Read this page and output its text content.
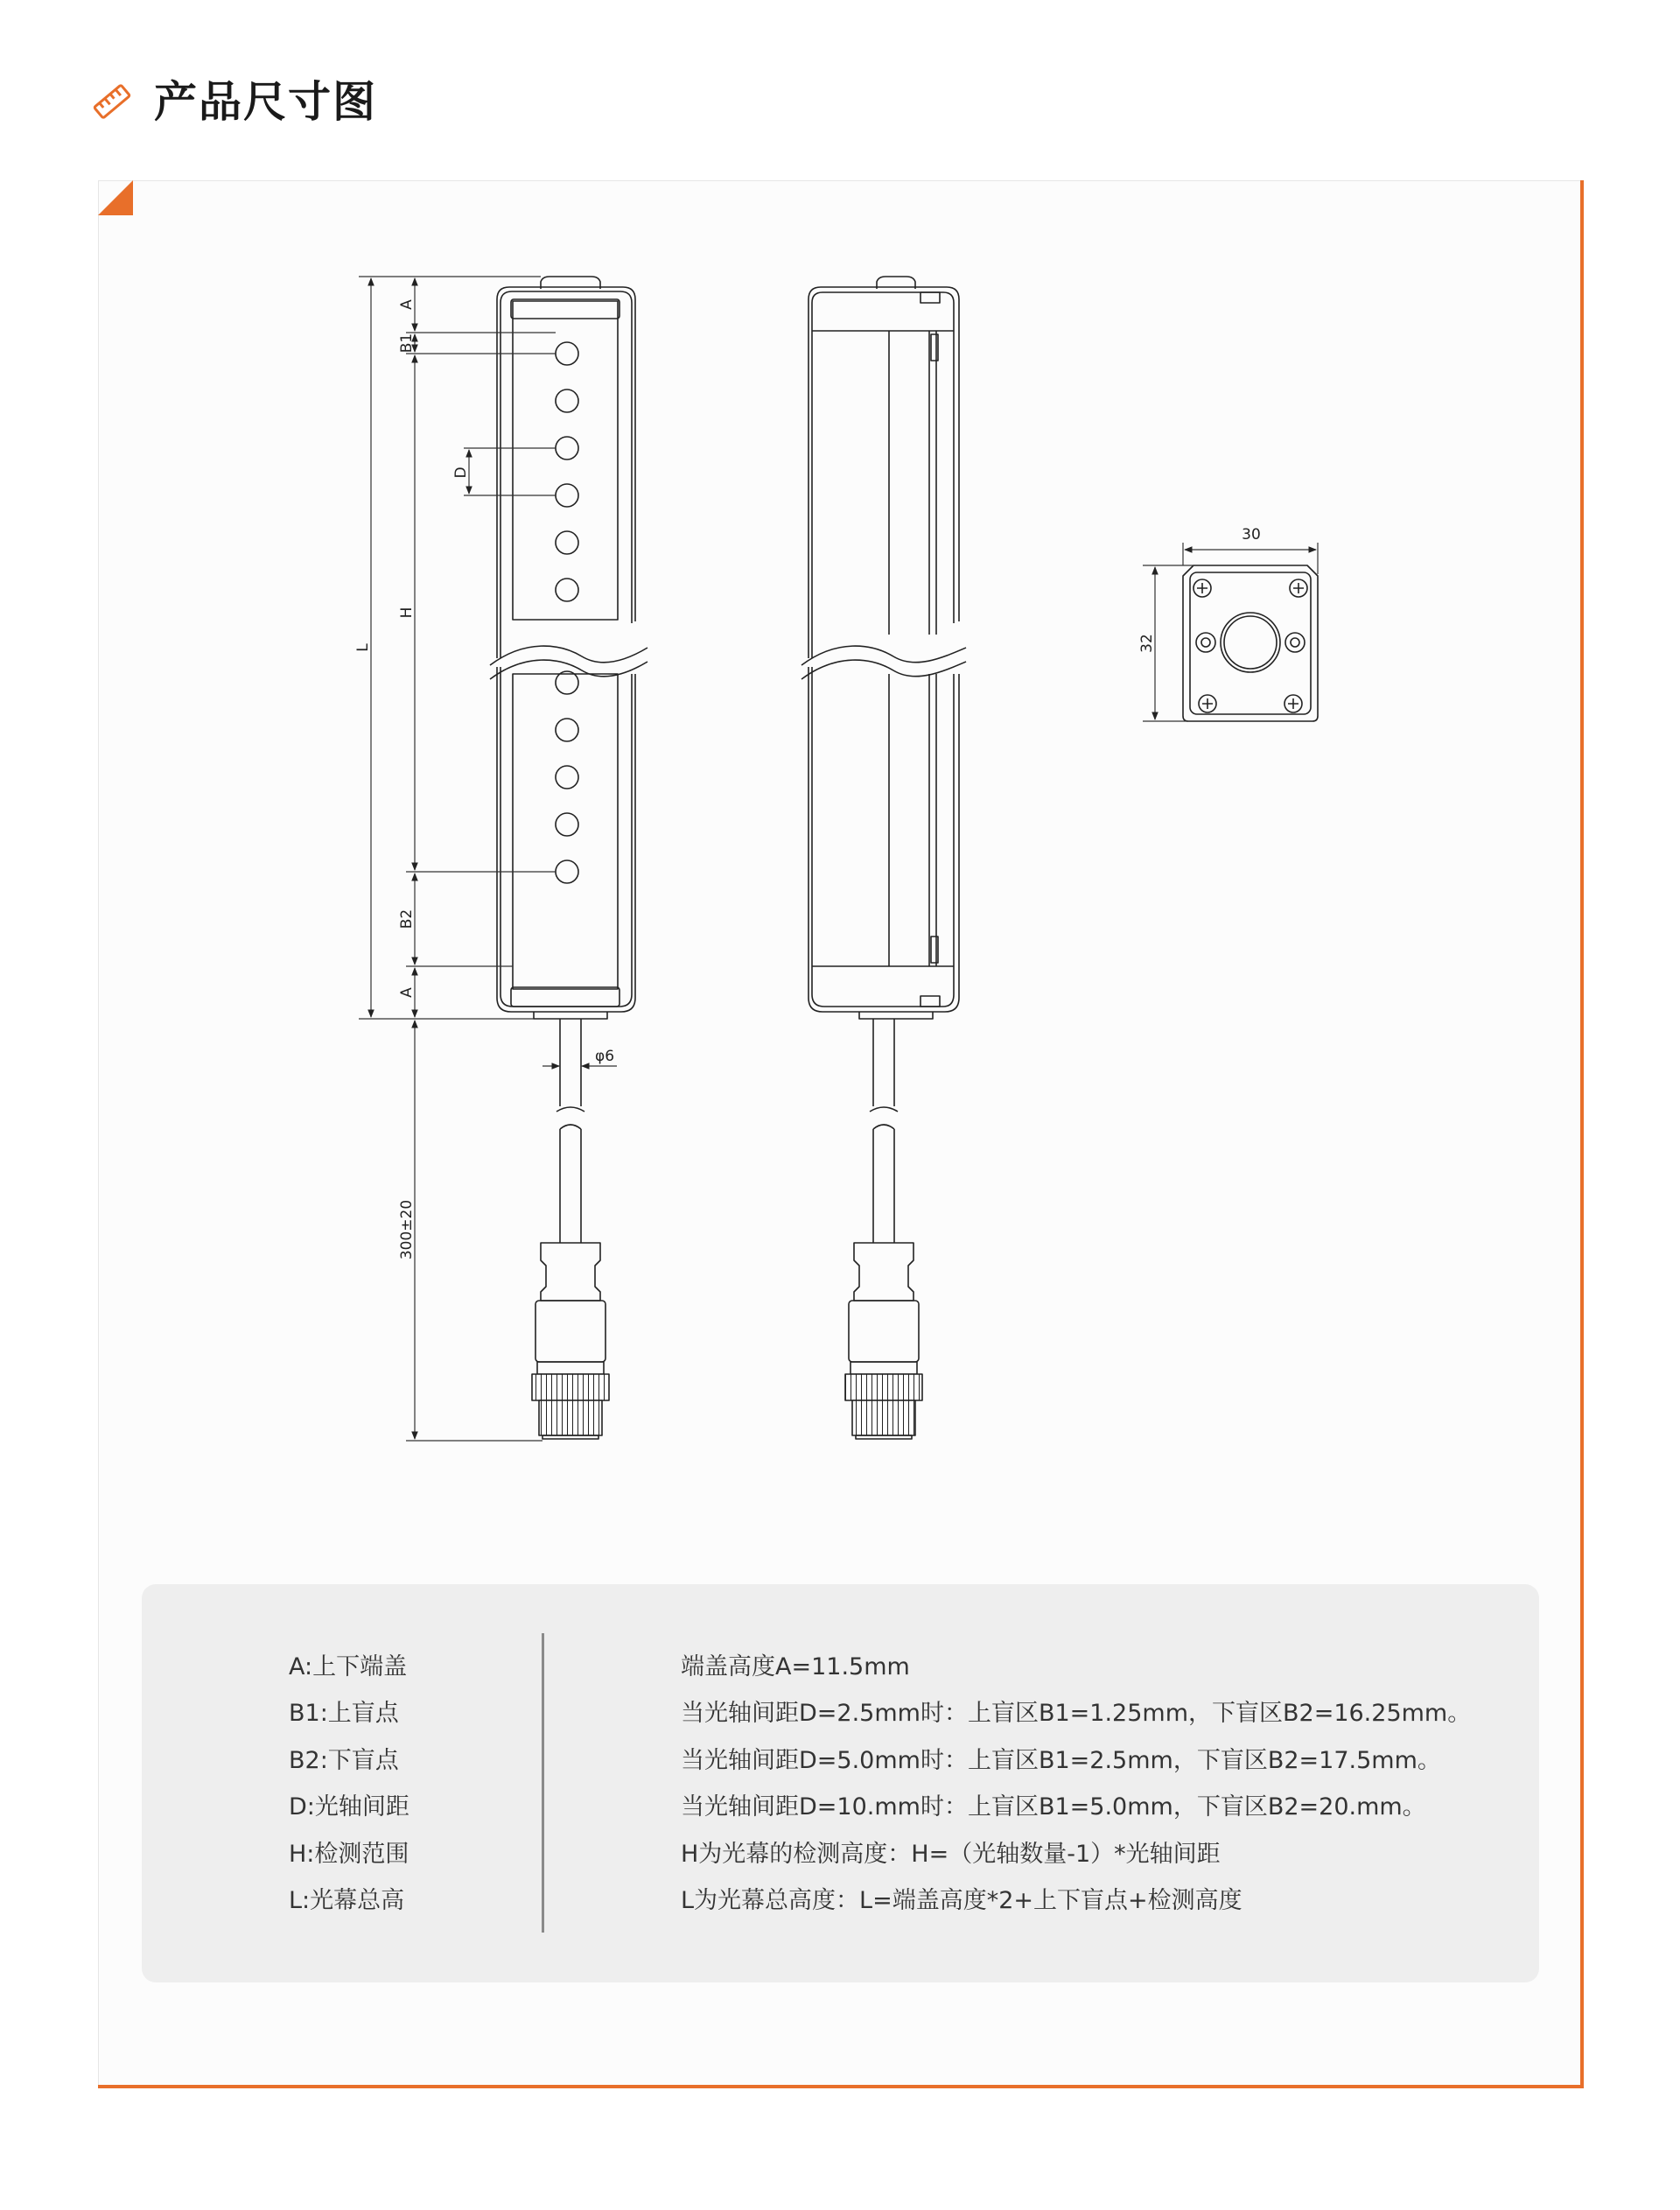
产品尺寸图
A
B1
D
H
L
B2
A
300±20
φ6
30
32
A:上下端盖
B1:上盲点
B2:下盲点
D:光轴间距
H:检测范围
L:光幕总高
端盖高度A=11.5mm
当光轴间距D=2.5mm时：上盲区B1=1.25mm，下盲区B2=16.25mm。
当光轴间距D=5.0mm时：上盲区B1=2.5mm，下盲区B2=17.5mm。
当光轴间距D=10.mm时：上盲区B1=5.0mm，下盲区B2=20.mm。
H为光幕的检测高度：H=（光轴数量-1）*光轴间距
L为光幕总高度：L=端盖高度*2+上下盲点+检测高度
